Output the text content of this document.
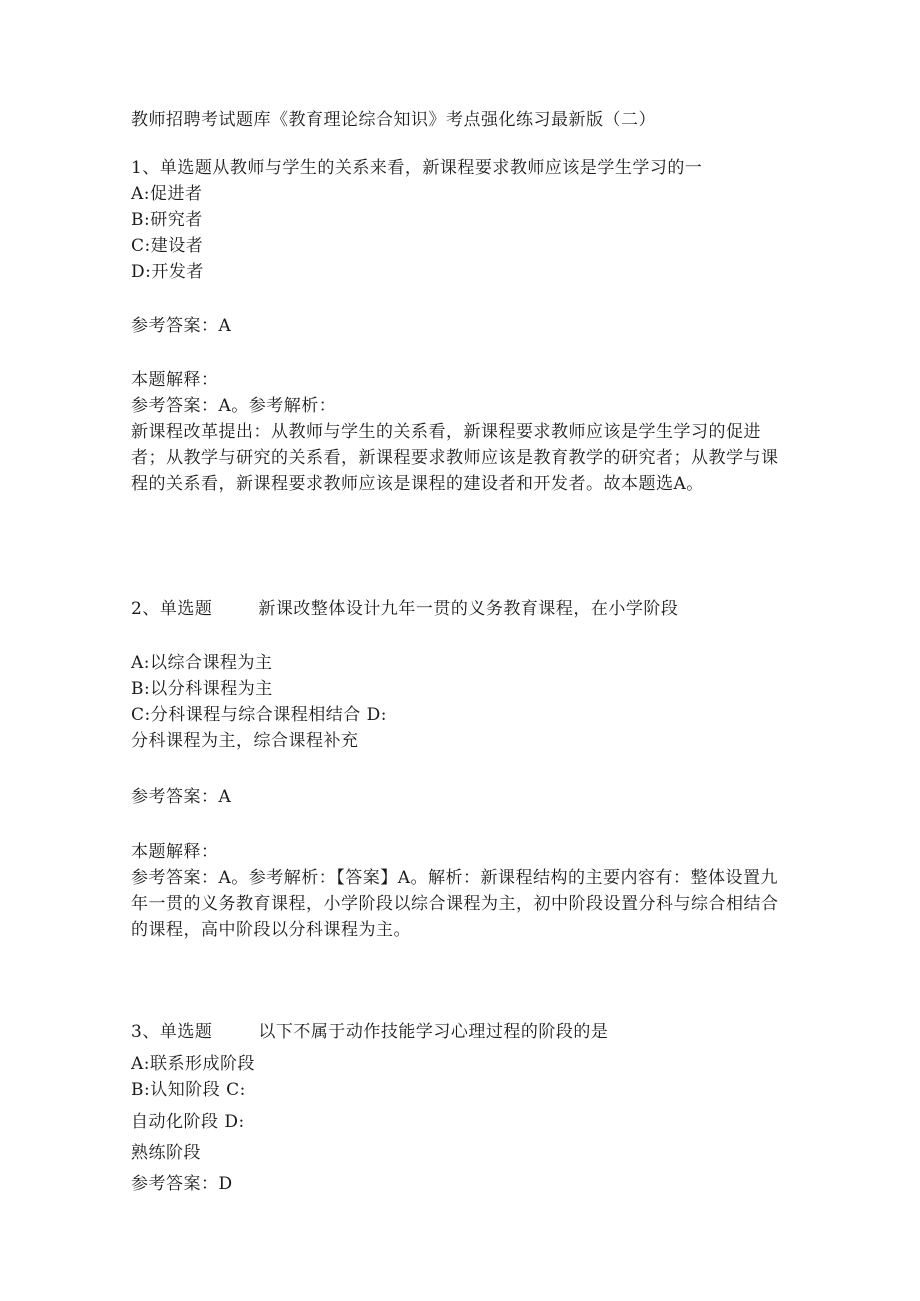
教师招聘考试题库《教育理论综合知识》考点强化练习最新版（二）
1、单选题从教师与学生的关系来看，新课程要求教师应该是学生学习的一
A:促进者
B:研究者
C:建设者
D:开发者
参考答案：A
本题解释：
参考答案：A。参考解析：
新课程改革提出：从教师与学生的关系看，新课程要求教师应该是学生学习的促进者；从教学与研究的关系看，新课程要求教师应该是教育教学的研究者；从教学与课程的关系看，新课程要求教师应该是课程的建设者和开发者。故本题选A。
2、单选题	新课改整体设计九年一贯的义务教育课程，在小学阶段
A:以综合课程为主
B:以分科课程为主
C:分科课程与综合课程相结合 D:
分科课程为主，综合课程补充
参考答案：A
本题解释：
参考答案：A。参考解析：【答案】A。解析：新课程结构的主要内容有：整体设置九年一贯的义务教育课程，小学阶段以综合课程为主，初中阶段设置分科与综合相结合的课程，高中阶段以分科课程为主。
3、单选题	以下不属于动作技能学习心理过程的阶段的是
A:联系形成阶段
B:认知阶段 C:
自动化阶段 D:
熟练阶段
参考答案：D
